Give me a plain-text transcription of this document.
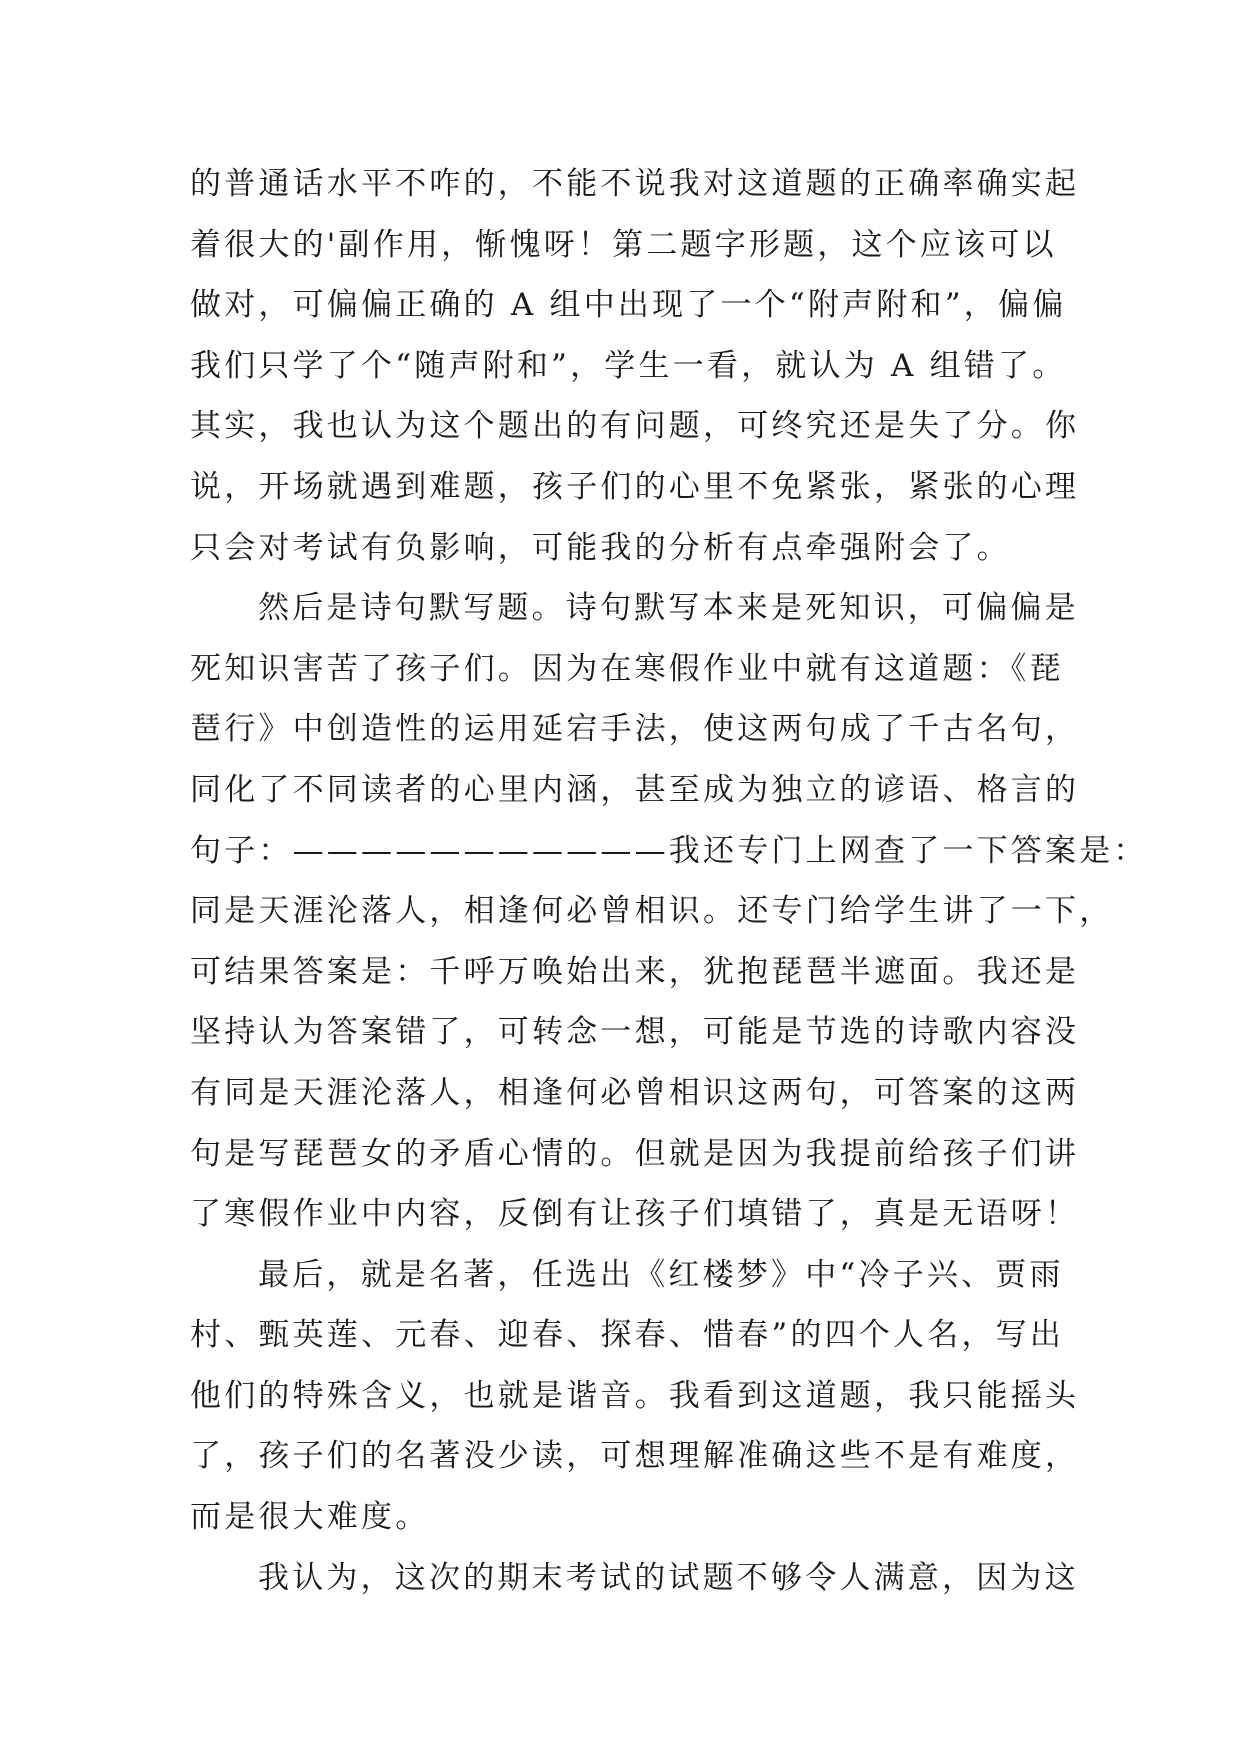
的普通话水平不咋的，不能不说我对这道题的正确率确实起
着很大的'副作用，惭愧呀！第二题字形题，这个应该可以
做对，可偏偏正确的 A 组中出现了一个“附声附和”，偏偏
我们只学了个“随声附和”，学生一看，就认为 A 组错了。
其实，我也认为这个题出的有问题，可终究还是失了分。你
说，开场就遇到难题，孩子们的心里不免紧张，紧张的心理
只会对考试有负影响，可能我的分析有点牵强附会了。
然后是诗句默写题。诗句默写本来是死知识，可偏偏是
死知识害苦了孩子们。因为在寒假作业中就有这道题：《琵
琶行》中创造性的运用延宕手法，使这两句成了千古名句，
同化了不同读者的心里内涵，甚至成为独立的谚语、格言的
句子：———————————我还专门上网查了一下答案是：
同是天涯沦落人，相逢何必曾相识。还专门给学生讲了一下，
可结果答案是：千呼万唤始出来，犹抱琵琶半遮面。我还是
坚持认为答案错了，可转念一想，可能是节选的诗歌内容没
有同是天涯沦落人，相逢何必曾相识这两句，可答案的这两
句是写琵琶女的矛盾心情的。但就是因为我提前给孩子们讲
了寒假作业中内容，反倒有让孩子们填错了，真是无语呀！
最后，就是名著，任选出《红楼梦》中“冷子兴、贾雨
村、甄英莲、元春、迎春、探春、惜春”的四个人名，写出
他们的特殊含义，也就是谐音。我看到这道题，我只能摇头
了，孩子们的名著没少读，可想理解准确这些不是有难度，
而是很大难度。
我认为，这次的期末考试的试题不够令人满意，因为这
